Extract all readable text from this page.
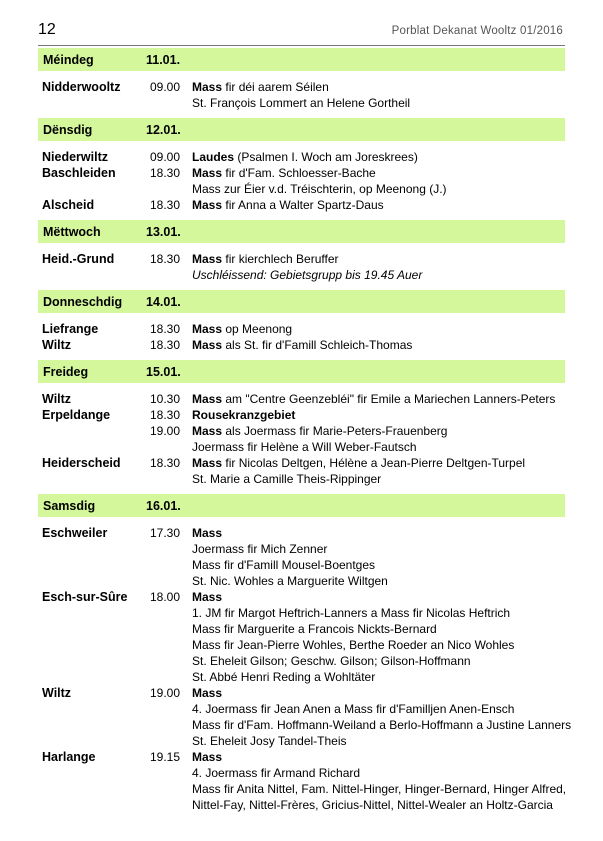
12	Porblat Dekanat Wooltz 01/2016
Méindeg	11.01.
Nidderwooltz	09.00 Mass fir déi aarem Séilen
St. François Lommert an Helene Gortheil
Dënsdig	12.01.
Niederwiltz	09.00 Laudes (Psalmen I. Woch am Joreskrees)
Baschleiden	18.30 Mass fir d'Fam. Schloesser-Bache
Mass zur Éier v.d. Tréischterin, op Meenong (J.)
Alscheid	18.30 Mass fir Anna a Walter Spartz-Daus
Mëttwoch	13.01.
Heid.-Grund	18.30 Mass fir kierchlech Beruffer
Uschléissend: Gebietsgrupp bis 19.45 Auer
Donneschdig 14.01.
Liefrange	18.30 Mass op Meenong
Wiltz	18.30 Mass als St. fir d'Famill Schleich-Thomas
Freideg	15.01.
Wiltz	10.30 Mass am "Centre Geenzebléi" fir Emile a Mariechen Lanners-Peters
Erpeldange	18.30 Rousekranzgebiet
19.00 Mass als Joermass fir Marie-Peters-Frauenberg
Joermass fir Helène a Will Weber-Fautsch
Heiderscheid	18.30 Mass fir Nicolas Deltgen, Hélène a Jean-Pierre Deltgen-Turpel
St. Marie a Camille Theis-Rippinger
Samsdig	16.01.
Eschweiler	17.30 Mass
Joermass fir Mich Zenner
Mass fir d'Famill Mousel-Boentges
St. Nic. Wohles a Marguerite Wiltgen
Esch-sur-Sûre	18.00 Mass
1. JM fir Margot Heftrich-Lanners a Mass fir Nicolas Heftrich
Mass fir Marguerite a Francois Nickts-Bernard
Mass fir Jean-Pierre Wohles, Berthe Roeder an Nico Wohles
St. Eheleit Gilson; Geschw. Gilson; Gilson-Hoffmann
St. Abbé Henri Reding a Wohltäter
Wiltz	19.00 Mass
4. Joermass fir Jean Anen a Mass fir d'Familljen Anen-Ensch
Mass fir d'Fam. Hoffmann-Weiland a Berlo-Hoffmann a Justine Lanners
St. Eheleit Josy Tandel-Theis
Harlange	19.15 Mass
4. Joermass fir Armand Richard
Mass fir Anita Nittel, Fam. Nittel-Hinger, Hinger-Bernard, Hinger Alfred,
Nittel-Fay, Nittel-Frères, Gricius-Nittel, Nittel-Wealer an Holtz-Garcia
